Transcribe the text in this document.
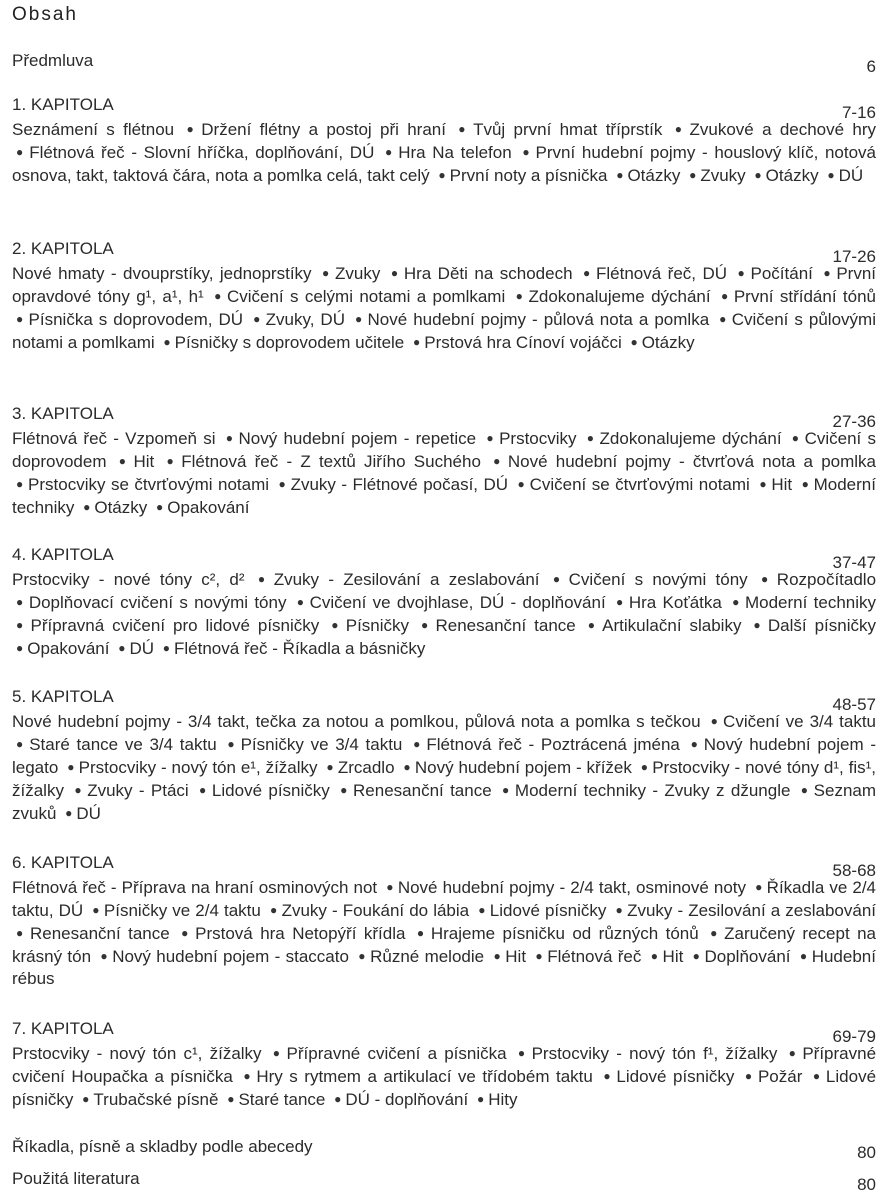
Obsah
Předmluva	6
1. KAPITOLA	7-16
Seznámení s flétnou ● Držení flétny a postoj při hraní ● Tvůj první hmat tříprstík ● Zvukové a dechové hry ● Flétnová řeč - Slovní hříčka, doplňování, DÚ ● Hra Na telefon ● První hudební pojmy - houslový klíč, notová osnova, takt, taktová čára, nota a pomlka celá, takt celý ● První noty a písnička ● Otázky ● Zvuky ● Otázky ● DÚ
2. KAPITOLA	17-26
Nové hmaty - dvouprstíky, jednoprstíky ● Zvuky ● Hra Děti na schodech ● Flétnová řeč, DÚ ● Počítání ● První opravdové tóny g¹, a¹, h¹ ● Cvičení s celými notami a pomlkami ● Zdokonalujeme dýchání ● První střídání tónů ● Písnička s doprovodem, DÚ ● Zvuky, DÚ ● Nové hudební pojmy - půlová nota a pomlka ● Cvičení s půlovými notami a pomlkami ● Písničky s doprovodem učitele ● Prstová hra Cínoví vojáčci ● Otázky
3. KAPITOLA	27-36
Flétnová řeč - Vzpomeň si ● Nový hudební pojem - repetice ● Prstocviky ● Zdokonalujeme dýchání ● Cvičení s doprovodem ● Hit ● Flétnová řeč - Z textů Jiřího Suchého ● Nové hudební pojmy - čtvrťová nota a pomlka ● Prstocviky se čtvrťovými notami ● Zvuky - Flétnové počasí, DÚ ● Cvičení se čtvrťovými notami ● Hit ● Moderní techniky ● Otázky ● Opakování
4. KAPITOLA	37-47
Prstocviky - nové tóny c², d² ● Zvuky - Zesilování a zeslabování ● Cvičení s novými tóny ● Rozpočítadlo ● Doplňovací cvičení s novými tóny ● Cvičení ve dvojhlase, DÚ - doplňování ● Hra Koťátka ● Moderní techniky ● Přípravná cvičení pro lidové písničky ● Písničky ● Renesanční tance ● Artikulační slabiky ● Další písničky ● Opakování ● DÚ ● Flétnová řeč - Říkadla a básničky
5. KAPITOLA	48-57
Nové hudební pojmy - 3/4 takt, tečka za notou a pomlkou, půlová nota a pomlka s tečkou ● Cvičení ve 3/4 taktu ● Staré tance ve 3/4 taktu ● Písničky ve 3/4 taktu ● Flétnová řeč - Poztrácená jména ● Nový hudební pojem - legato ● Prstocviky - nový tón e¹, žížalky ● Zrcadlo ● Nový hudební pojem - křížek ● Prstocviky - nové tóny d¹, fis¹, žížalky ● Zvuky - Ptáci ● Lidové písničky ● Renesanční tance ● Moderní techniky - Zvuky z džungle ● Seznam zvuků ● DÚ
6. KAPITOLA	58-68
Flétnová řeč - Příprava na hraní osminových not ● Nové hudební pojmy - 2/4 takt, osminové noty ● Říkadla ve 2/4 taktu, DÚ ● Písničky ve 2/4 taktu ● Zvuky - Foukání do lábia ● Lidové písničky ● Zvuky - Zesilování a zeslabování ● Renesanční tance ● Prstová hra Netopýří křídla ● Hrajeme písničku od různých tónů ● Zaručený recept na krásný tón ● Nový hudební pojem - staccato ● Různé melodie ● Hit ● Flétnová řeč ● Hit ● Doplňování ● Hudební rébus
7. KAPITOLA	69-79
Prstocviky - nový tón c¹, žížalky ● Přípravné cvičení a písnička ● Prstocviky - nový tón f¹, žížalky ● Přípravné cvičení Houpačka a písnička ● Hry s rytmem a artikulací ve třídobém taktu ● Lidové písničky ● Požár ● Lidové písničky ● Trubačské písně ● Staré tance ● DÚ - doplňování ● Hity
Říkadla, písně a skladby podle abecedy	80
Použitá literatura	80
